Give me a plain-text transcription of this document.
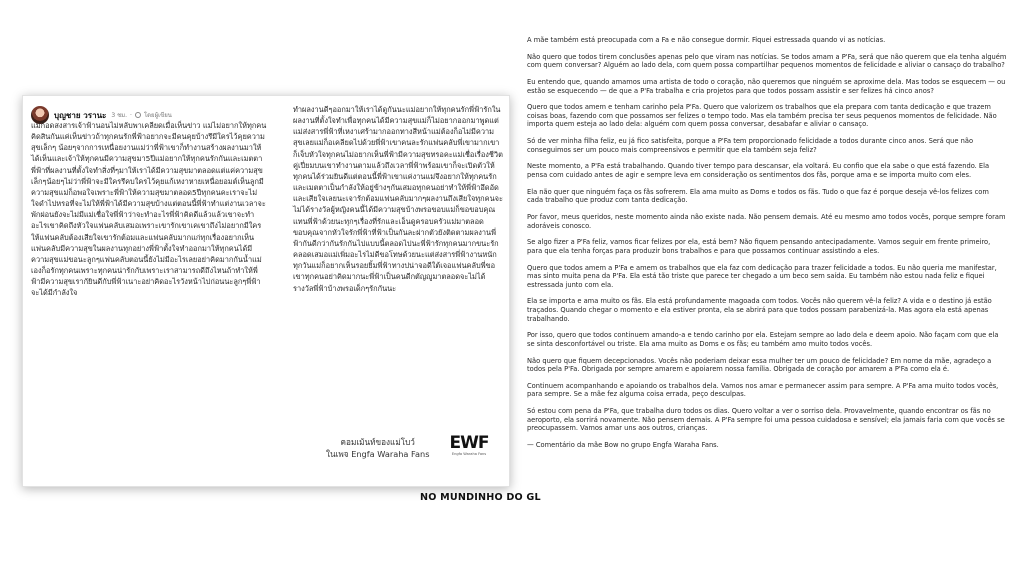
บุญชาย วรานะ 3 ชม. · โดยผู้เขียน

แม่ก็อดสงสารเจ้าฟ้านอนไม่หลับพาเคลียดเมื่อเห็นข่าว แม่ไม่อยากให้ทุกคนคิดสินกันแค่เห็นข่าวถ้าทุกคนรักพี่ฟ้าอยากจะมีคนคุยบ้างรึมีใครไว้คุยความสุขเล็กๆ น้อยๆจากการเหนื่อยงานแม่ว่าพี่ฟ้าเขาก็ทำงานสร้างผลงานมาให้ได้เห็นและเจ้าให้ทุกคนมีความสุขมา5ปีแม่อยากให้ทุกคนรักกันและเมตตาพี่ฟ้าที่ผลงานที่ตั้งใจทำสิ่งที่ๆมาให้เราได้มีความสุขมาตลอดแต่แค่ความสุขเล็กๆน้อยๆไม่ว่าพี่ฟ้าจะมีใครรึคบใครไว้คุยแก้เหงาหายเหนื่อยอมต์เห็นลูกมีความสุขแม่ก็อพอใจเพราะพี่ฟ้าให้ความสุขมาตลอด5ปีทุกคนคะเราจะไม่ใจดำไปหรอที่จะไม่ให้พี่ฟ้าได้มีความสุขบ้างแต่ตอนนี้พี่ฟ้าทำแต่งานเวลาจะพักผ่อนยังจะไม่มีแม่เชื่อใจพี่ฟ้าว่าจะทำอะไรพี่ฟ้าคิดดีแล้วแล้วเขาจะทำอะไรเขาคิดถึงหัวใจแฟนคลับเสมอเพราะเขารักเขาเคเขาถึงไม่อยากมีใครให้แฟนคลับต้องเสียใจเขารักต้อมและแฟนคลับมากแก่ทุกเรื่องอยากเห็นแฟนคลับมีความสุขในผลงานทุกอย่างพี่ฟ้าตั้งใจทำออกมาให้ทุกคนได้มีความสุขแม่ขอนะลูกๆแฟนคลับตอนนี้ยังไม่มีอะไรเลยอย่าคิดมากกันน้ำแม่เองก็อรักทุกคนเพราะทุกคนน่ารักกับเพราะเราสามารถดีถึงไหนถ้าทำให้พี่ฟ้ามีความสุขเรากัยินดีกับพี่ฟ้าเนาะอย่าคิดอะไรวังหน้าไปก่อนนะลูกๆพี่ฟ้าจะได้มีกำลังใจ

ทำผลงานดีๆออกมาให้เราได้ดูกันนะแม่อยากให้ทุกคนรักพี่ฟ้ารักในผลงานที่ตั้งใจทำเพื่อทุกคนได้มีความสุขแม่ก็ไม่อยากออกมาพูดแต่แม่ส่งสารพี่ฟ้าที่เหงาเศร้ามากออกทางสีหน้าแม่ต้องก็อไม่มีความสุขเลยแม่ก็อเคลียดไปด้วยพี่ฟ้าเขาคนละรักแฟนคลับพี่เขามากเขาก็เจ็บหัวใจทุกคนไม่อยากเห็นพี่ฟ้ามีความสุขทรอคะแม่เชื่อเรื่องชีวิตคู่เปี่ยมบนเขาทำงานตามแล้วถึงเวลาพี่ฟ้าพร้อมเขาก็จะเปิดตัวให้ทุกคนได้ร่วมยินดีแต่ตอนนี้พี่ฟ้าเขาแค่งานแม่จึงอยากให้ทุกคนรักและเมตตาเป็นกำลังให้อยู่ข้างๆกันเสมอทุกคนอย่าทำให้พี่ฟ้าอึดอัดและเสียใจเลยนะเจารักต้อมแฟนคลับมากๆผลงานถึงเสียใจทุกคนจะไม่ได้รางวัลผู้หญิงคนนี้ได้มีความสุขบ้างพรอขอบแม่ก็ขอขอบคุณแทนพี่ฟ้าด้วยนะทุกๆเรื่องที่รักและเอ็นดูครอบครัวแม่มาตลอดขอบคุณจากหัวใจรักพี่ฟ้าที่ฟ้าเป็นกันละฝากตัวยังติดตามผลงานพี่ฟ้ากันดีกว่ากันรักกันไปแบบนี้ตลอดไปนะพี่ฟ้ารักทุกคนมากขนะรักคลอดเสมอแม่เพิ่มอะไรไม่ดีขอโทษด้วยนะแต่ส่งสารพี่ฟ้างานหนักทุกวันแม่ก็อยากเห็นรอยยิ้มพี่ฟ้าทางปน่าจอดีใต้เจอแฟนคลับพี่ขอเขาทุกคนอย่าคิดมากนะพี่ฟ้าเป็นคนดีกตัญญูมาตลอดจะไม่ได้รางวัลพี่ฟ้าบ้างพรอเด็กๆรักกันนะ

คอมเม้นท์ของแม่โบว์
ในเพจ Engfa Waraha Fans
EWF
Engfa Waraha Fans
NO MUNDINHO DO GL

A mãe também está preocupada com a Fa e não consegue dormir. Fiquei estressada quando vi as notícias.

Não quero que todos tirem conclusões apenas pelo que viram nas notícias. Se todos amam a P'Fa, será que não querem que ela tenha alguém com quem conversar? Alguém ao lado dela, com quem possa compartilhar pequenos momentos de felicidade e aliviar o cansaço do trabalho?

Eu entendo que, quando amamos uma artista de todo o coração, não queremos que ninguém se aproxime dela. Mas todos se esquecem — ou estão se esquecendo — de que a P'Fa trabalha e cria projetos para que todos possam assistir e ser felizes há cinco anos?

Quero que todos amem e tenham carinho pela P'Fa. Quero que valorizem os trabalhos que ela prepara com tanta dedicação e que trazem coisas boas, fazendo com que possamos ser felizes o tempo todo. Mas ela também precisa ter seus pequenos momentos de felicidade. Não importa quem esteja ao lado dela: alguém com quem possa conversar, desabafar e aliviar o cansaço.

Só de ver minha filha feliz, eu já fico satisfeita, porque a P'Fa tem proporcionado felicidade a todos durante cinco anos. Será que não conseguimos ser um pouco mais compreensivos e permitir que ela também seja feliz?

Neste momento, a P'Fa está trabalhando. Quando tiver tempo para descansar, ela voltará. Eu confio que ela sabe o que está fazendo. Ela pensa com cuidado antes de agir e sempre leva em consideração os sentimentos dos fãs, porque ama e se importa muito com eles.

Ela não quer que ninguém faça os fãs sofrerem. Ela ama muito as Doms e todos os fãs. Tudo o que faz é porque deseja vê-los felizes com cada trabalho que produz com tanta dedicação.

Por favor, meus queridos, neste momento ainda não existe nada. Não pensem demais. Até eu mesmo amo todos vocês, porque sempre foram adoráveis conosco.

Se algo fizer a P'Fa feliz, vamos ficar felizes por ela, está bem? Não fiquem pensando antecipadamente. Vamos seguir em frente primeiro, para que ela tenha forças para produzir bons trabalhos e para que possamos continuar assistindo a eles.

Quero que todos amem a P'Fa e amem os trabalhos que ela faz com dedicação para trazer felicidade a todos. Eu não queria me manifestar, mas sinto muita pena da P'Fa. Ela está tão triste que parece ter chegado a um beco sem saída. Eu também não estou nada feliz e fiquei estressada junto com ela.

Ela se importa e ama muito os fãs. Ela está profundamente magoada com todos. Vocês não querem vê-la feliz? A vida e o destino já estão traçados. Quando chegar o momento e ela estiver pronta, ela se abrirá para que todos possam parabenizá-la. Mas agora ela está apenas trabalhando.

Por isso, quero que todos continuem amando-a e tendo carinho por ela. Estejam sempre ao lado dela e deem apoio. Não façam com que ela se sinta desconfortável ou triste. Ela ama muito as Doms e os fãs; eu também amo muito todos vocês.

Não quero que fiquem decepcionados. Vocês não poderiam deixar essa mulher ter um pouco de felicidade? Em nome da mãe, agradeço a todos pela P'Fa. Obrigada por sempre amarem e apoiarem nossa família. Obrigada de coração por amarem a P'Fa como ela é.

Continuem acompanhando e apoiando os trabalhos dela. Vamos nos amar e permanecer assim para sempre. A P'Fa ama muito todos vocês, para sempre. Se a mãe fez alguma coisa errada, peço desculpas.

Só estou com pena da P'Fa, que trabalha duro todos os dias. Quero voltar a ver o sorriso dela. Provavelmente, quando encontrar os fãs no aeroporto, ela sorrirá novamente. Não pensem demais. A P'Fa sempre foi uma pessoa cuidadosa e sensível; ela jamais faria com que vocês se preocupassem. Vamos amar uns aos outros, crianças.

— Comentário da mãe Bow no grupo Engfa Waraha Fans.
